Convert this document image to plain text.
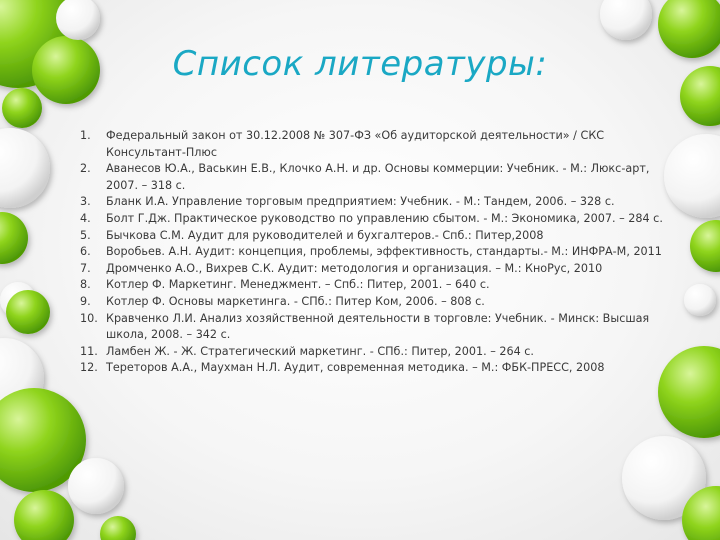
Список литературы:
1.	Федеральный закон от 30.12.2008 № 307-ФЗ «Об аудиторской деятельности» / СКС Консультант-Плюс
2.	Аванесов Ю.А., Васькин Е.В., Клочко А.Н. и др. Основы коммерции: Учебник. - М.: Люкс-арт, 2007. – 318 с.
3.	Бланк И.А. Управление торговым предприятием: Учебник. - М.: Тандем, 2006. – 328 с.
4.	Болт Г.Дж. Практическое руководство по управлению сбытом. - М.: Экономика, 2007. – 284 с.
5.	Бычкова С.М. Аудит для руководителей и бухгалтеров.- Спб.: Питер,2008
6.	Воробьев. А.Н. Аудит: концепция, проблемы, эффективность, стандарты.- М.: ИНФРА-М, 2011
7.	Дромченко А.О., Вихрев С.К. Аудит: методология и организация. – М.: КноРус, 2010
8.	Котлер Ф. Маркетинг. Менеджмент. – Спб.: Питер, 2001. – 640 с.
9.	Котлер Ф. Основы маркетинга. - СПб.: Питер Ком, 2006. – 808 с.
10. Кравченко Л.И. Анализ хозяйственной деятельности в торговле: Учебник. - Минск: Высшая школа, 2008. – 342 с.
11. Ламбен Ж. - Ж. Стратегический маркетинг. - СПб.: Питер, 2001. – 264 с.
12. Тереторов А.А., Маухман Н.Л. Аудит, современная методика. – М.: ФБК-ПРЕСС, 2008
